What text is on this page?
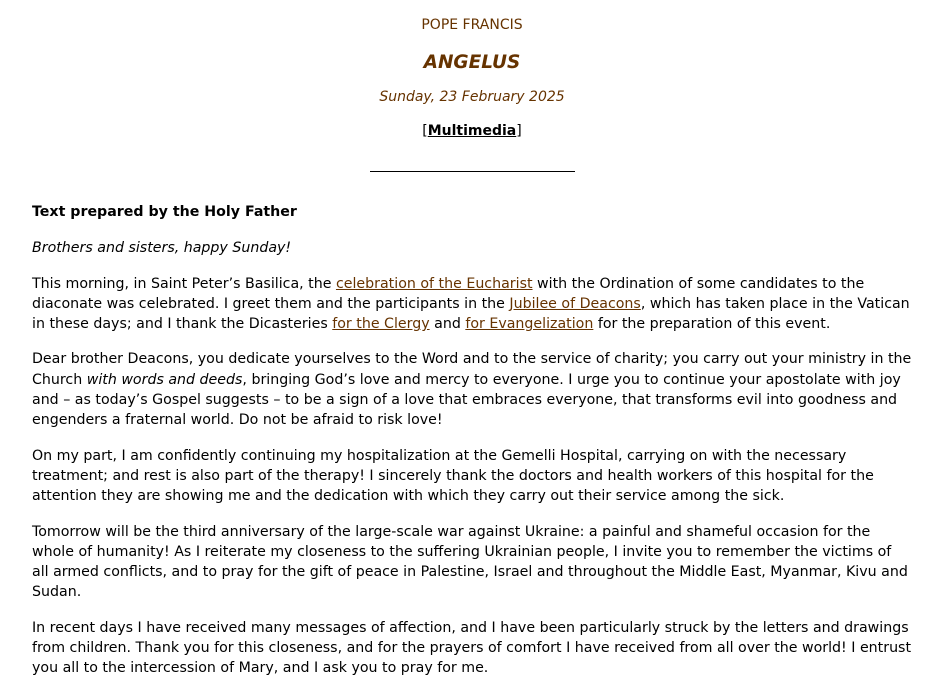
POPE FRANCIS
ANGELUS
Sunday, 23 February 2025
[Multimedia]
Text prepared by the Holy Father

Brothers and sisters, happy Sunday!

This morning, in Saint Peter’s Basilica, the celebration of the Eucharist with the Ordination of some candidates to the diaconate was celebrated. I greet them and the participants in the Jubilee of Deacons, which has taken place in the Vatican in these days; and I thank the Dicasteries for the Clergy and for Evangelization for the preparation of this event.

Dear brother Deacons, you dedicate yourselves to the Word and to the service of charity; you carry out your ministry in the Church with words and deeds, bringing God’s love and mercy to everyone. I urge you to continue your apostolate with joy and – as today’s Gospel suggests – to be a sign of a love that embraces everyone, that transforms evil into goodness and engenders a fraternal world. Do not be afraid to risk love!

On my part, I am confidently continuing my hospitalization at the Gemelli Hospital, carrying on with the necessary treatment; and rest is also part of the therapy! I sincerely thank the doctors and health workers of this hospital for the attention they are showing me and the dedication with which they carry out their service among the sick.

Tomorrow will be the third anniversary of the large-scale war against Ukraine: a painful and shameful occasion for the whole of humanity! As I reiterate my closeness to the suffering Ukrainian people, I invite you to remember the victims of all armed conflicts, and to pray for the gift of peace in Palestine, Israel and throughout the Middle East, Myanmar, Kivu and Sudan.

In recent days I have received many messages of affection, and I have been particularly struck by the letters and drawings from children. Thank you for this closeness, and for the prayers of comfort I have received from all over the world! I entrust you all to the intercession of Mary, and I ask you to pray for me.
